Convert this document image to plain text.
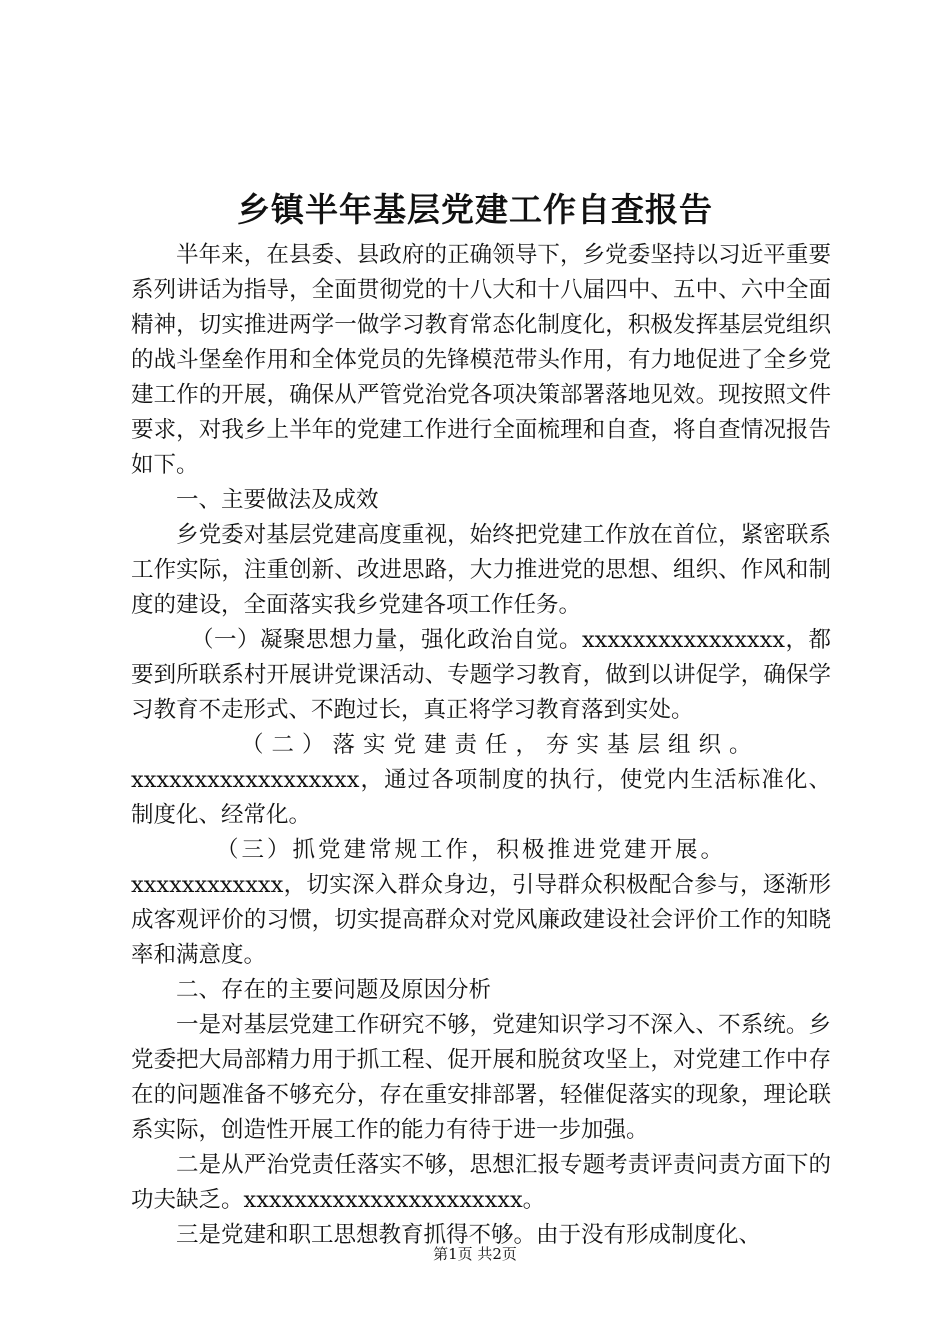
乡镇半年基层党建工作自查报告

半年来，在县委、县政府的正确领导下，乡党委坚持以习近平重要系列讲话为指导，全面贯彻党的十八大和十八届四中、五中、六中全面精神，切实推进两学一做学习教育常态化制度化，积极发挥基层党组织的战斗堡垒作用和全体党员的先锋模范带头作用，有力地促进了全乡党建工作的开展，确保从严管党治党各项决策部署落地见效。现按照文件要求，对我乡上半年的党建工作进行全面梳理和自查，将自查情况报告如下。

一、主要做法及成效

乡党委对基层党建高度重视，始终把党建工作放在首位，紧密联系工作实际，注重创新、改进思路，大力推进党的思想、组织、作风和制度的建设，全面落实我乡党建各项工作任务。

（一）凝聚思想力量，强化政治自觉。xxxxxxxxxxxxxxxx，都要到所联系村开展讲党课活动、专题学习教育，做到以讲促学，确保学习教育不走形式、不跑过长，真正将学习教育落到实处。

（二）落实党建责任，夯实基层组织。

xxxxxxxxxxxxxxxxxx，通过各项制度的执行，使党内生活标准化、制度化、经常化。

（三）抓党建常规工作，积极推进党建开展。

xxxxxxxxxxxx，切实深入群众身边，引导群众积极配合参与，逐渐形成客观评价的习惯，切实提高群众对党风廉政建设社会评价工作的知晓率和满意度。

二、存在的主要问题及原因分析

一是对基层党建工作研究不够，党建知识学习不深入、不系统。乡党委把大局部精力用于抓工程、促开展和脱贫攻坚上，对党建工作中存在的问题准备不够充分，存在重安排部署，轻催促落实的现象，理论联系实际，创造性开展工作的能力有待于进一步加强。

二是从严治党责任落实不够，思想汇报专题考责评责问责方面下的功夫缺乏。xxxxxxxxxxxxxxxxxxxxxx。

三是党建和职工思想教育抓得不够。由于没有形成制度化、

第1页 共2页
